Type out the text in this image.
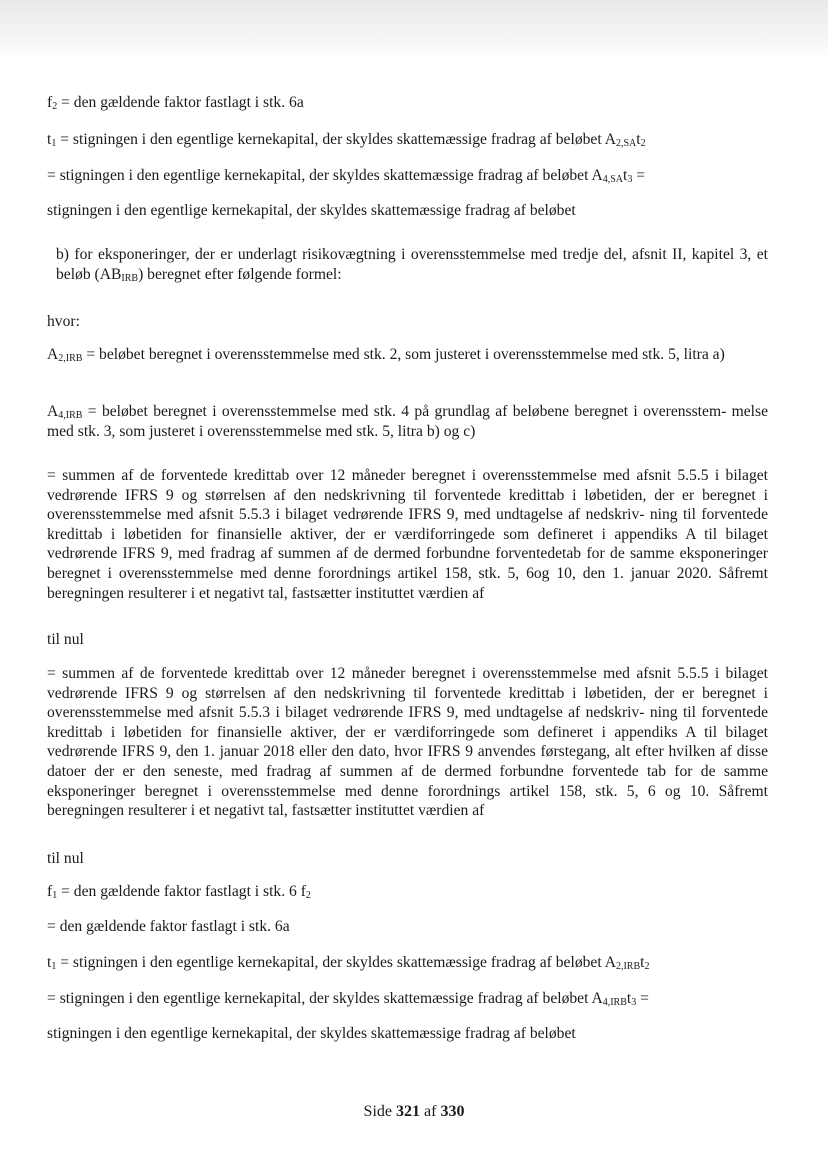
$f_2$ = den gældende faktor fastlagt i stk. 6a
$t_1$ = stigningen i den egentlige kernekapital, der skyldes skattemæssige fradrag af beløbet $A_{2,SA}t_2$
= stigningen i den egentlige kernekapital, der skyldes skattemæssige fradrag af beløbet $A_{4,SA}t_3$ =
stigningen i den egentlige kernekapital, der skyldes skattemæssige fradrag af beløbet
b) for eksponeringer, der er underlagt risikovægtning i overensstemmelse med tredje del, afsnit II, kapitel 3, et beløb $(AB_{IRB})$ beregnet efter følgende formel:
hvor:
$A_{2,IRB}$ = beløbet beregnet i overensstemmelse med stk. 2, som justeret i overensstemmelse med stk. 5, litra a)
$A_{4,IRB}$ = beløbet beregnet i overensstemmelse med stk. 4 på grundlag af beløbene beregnet i overensstem- melse med stk. 3, som justeret i overensstemmelse med stk. 5, litra b) og c)
= summen af de forventede kredittab over 12 måneder beregnet i overensstemmelse med afsnit 5.5.5 i bilaget vedrørende IFRS 9 og størrelsen af den nedskrivning til forventede kredittab i løbetiden, der er beregnet i overensstemmelse med afsnit 5.5.3 i bilaget vedrørende IFRS 9, med undtagelse af nedskriv- ning til forventede kredittab i løbetiden for finansielle aktiver, der er værdiforringede som defineret i appendiks A til bilaget vedrørende IFRS 9, med fradrag af summen af de dermed forbundne forventedetab for de samme eksponeringer beregnet i overensstemmelse med denne forordnings artikel 158, stk. 5, 6og 10, den 1. januar 2020. Såfremt beregningen resulterer i et negativt tal, fastsætter instituttet værdien af
til nul
= summen af de forventede kredittab over 12 måneder beregnet i overensstemmelse med afsnit 5.5.5 i bilaget vedrørende IFRS 9 og størrelsen af den nedskrivning til forventede kredittab i løbetiden, der er beregnet i overensstemmelse med afsnit 5.5.3 i bilaget vedrørende IFRS 9, med undtagelse af nedskriv- ning til forventede kredittab i løbetiden for finansielle aktiver, der er værdiforringede som defineret i appendiks A til bilaget vedrørende IFRS 9, den 1. januar 2018 eller den dato, hvor IFRS 9 anvendes førstegang, alt efter hvilken af disse datoer der er den seneste, med fradrag af summen af de dermed forbundne forventede tab for de samme eksponeringer beregnet i overensstemmelse med denne forordnings artikel 158, stk. 5, 6 og 10. Såfremt beregningen resulterer i et negativt tal, fastsætter instituttet værdien af
til nul
$f_1$ = den gældende faktor fastlagt i stk. 6 $f_2$
= den gældende faktor fastlagt i stk. 6a
$t_1$ = stigningen i den egentlige kernekapital, der skyldes skattemæssige fradrag af beløbet $A_{2,IRB}t_2$
= stigningen i den egentlige kernekapital, der skyldes skattemæssige fradrag af beløbet $A_{4,IRB}t_3$ =
stigningen i den egentlige kernekapital, der skyldes skattemæssige fradrag af beløbet
Side 321 af 330
